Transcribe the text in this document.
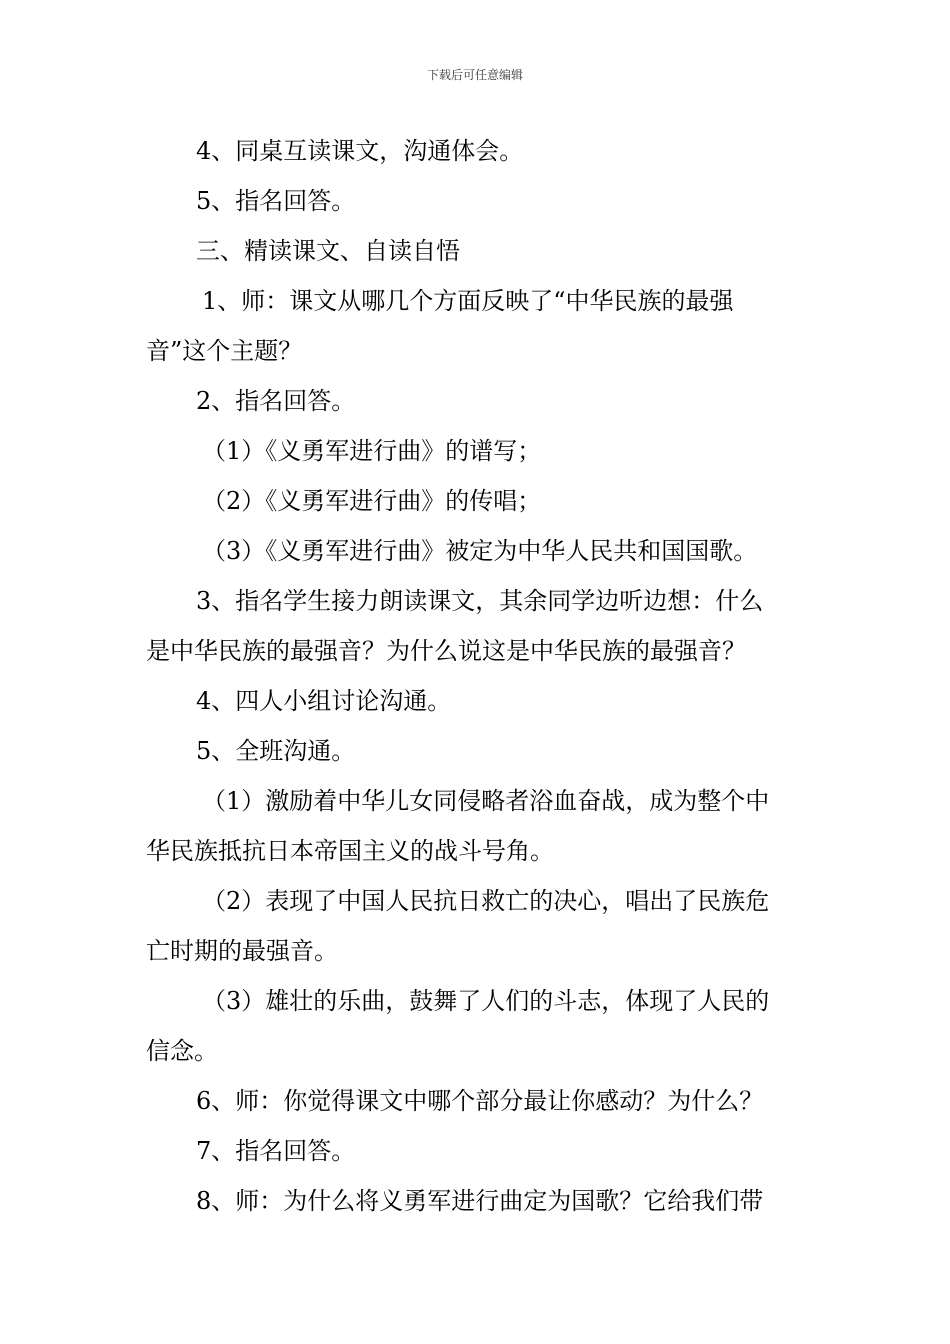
下载后可任意编辑
4、同桌互读课文，沟通体会。
5、指名回答。
三、精读课文、自读自悟
1、师：课文从哪几个方面反映了“中华民族的最强
音”这个主题？
2、指名回答。
（1）《义勇军进行曲》的谱写；
（2）《义勇军进行曲》的传唱；
（3）《义勇军进行曲》被定为中华人民共和国国歌。
3、指名学生接力朗读课文，其余同学边听边想：什么
是中华民族的最强音？为什么说这是中华民族的最强音？
4、四人小组讨论沟通。
5、全班沟通。
（1）激励着中华儿女同侵略者浴血奋战，成为整个中
华民族抵抗日本帝国主义的战斗号角。
（2）表现了中国人民抗日救亡的决心，唱出了民族危
亡时期的最强音。
（3）雄壮的乐曲，鼓舞了人们的斗志，体现了人民的
信念。
6、师：你觉得课文中哪个部分最让你感动？为什么？
7、指名回答。
8、师：为什么将义勇军进行曲定为国歌？它给我们带
